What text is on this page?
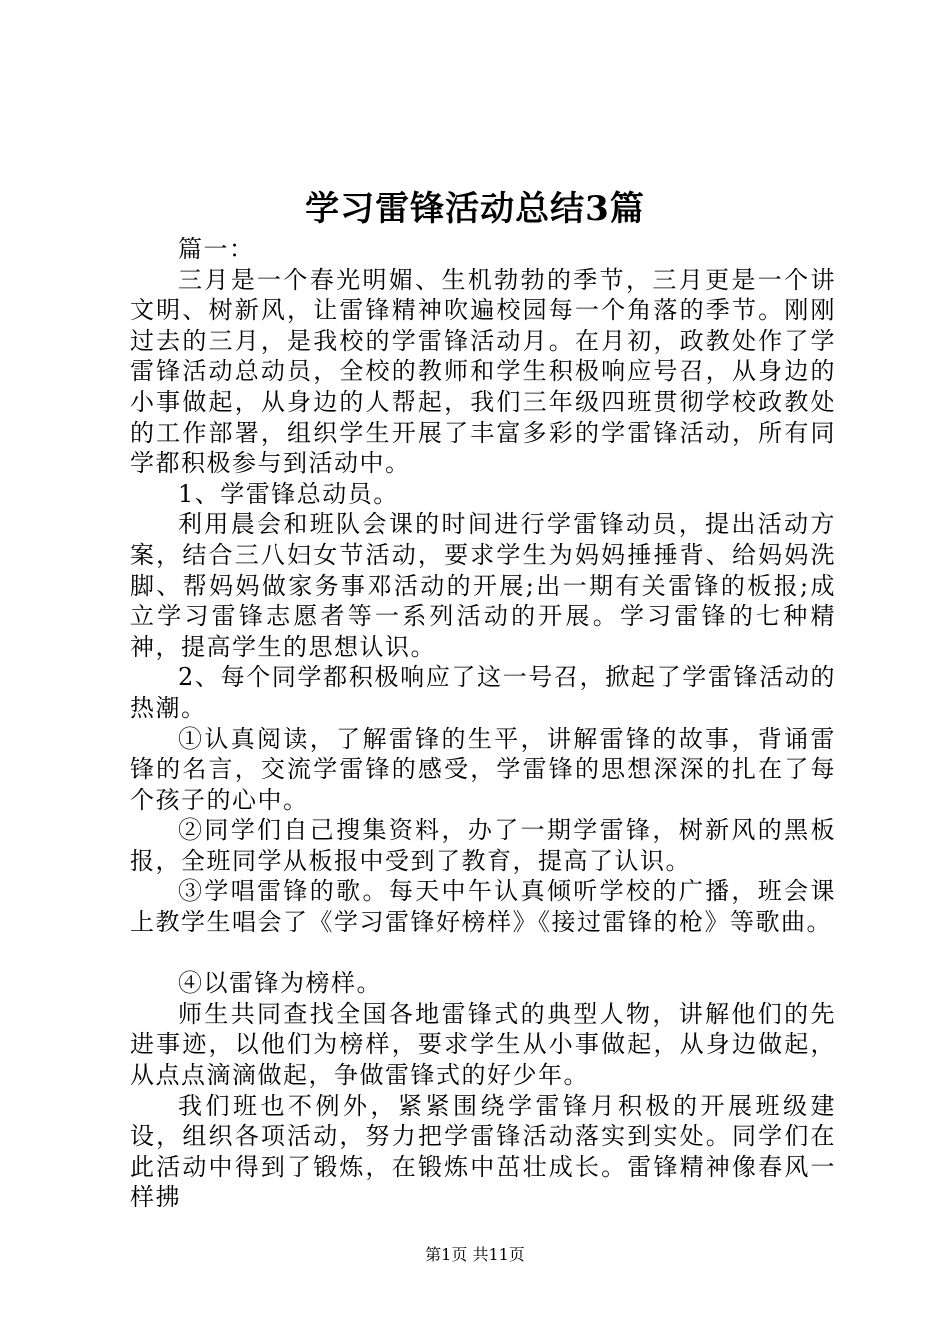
学习雷锋活动总结3篇

篇一：

三月是一个春光明媚、生机勃勃的季节，三月更是一个讲文明、树新风，让雷锋精神吹遍校园每一个角落的季节。刚刚过去的三月，是我校的学雷锋活动月。在月初，政教处作了学雷锋活动总动员，全校的教师和学生积极响应号召，从身边的小事做起，从身边的人帮起，我们三年级四班贯彻学校政教处的工作部署，组织学生开展了丰富多彩的学雷锋活动，所有同学都积极参与到活动中。

1、学雷锋总动员。

利用晨会和班队会课的时间进行学雷锋动员，提出活动方案，结合三八妇女节活动，要求学生为妈妈捶捶背、给妈妈洗脚、帮妈妈做家务事邓活动的开展;出一期有关雷锋的板报;成立学习雷锋志愿者等一系列活动的开展。学习雷锋的七种精神，提高学生的思想认识。

2、每个同学都积极响应了这一号召，掀起了学雷锋活动的热潮。

①认真阅读，了解雷锋的生平，讲解雷锋的故事，背诵雷锋的名言，交流学雷锋的感受，学雷锋的思想深深的扎在了每个孩子的心中。

②同学们自己搜集资料，办了一期学雷锋，树新风的黑板报，全班同学从板报中受到了教育，提高了认识。

③学唱雷锋的歌。每天中午认真倾听学校的广播，班会课上教学生唱会了《学习雷锋好榜样》《接过雷锋的枪》等歌曲。

④以雷锋为榜样。

师生共同查找全国各地雷锋式的典型人物，讲解他们的先进事迹，以他们为榜样，要求学生从小事做起，从身边做起，从点点滴滴做起，争做雷锋式的好少年。

我们班也不例外，紧紧围绕学雷锋月积极的开展班级建设，组织各项活动，努力把学雷锋活动落实到实处。同学们在此活动中得到了锻炼，在锻炼中茁壮成长。雷锋精神像春风一样拂

第1页 共11页
